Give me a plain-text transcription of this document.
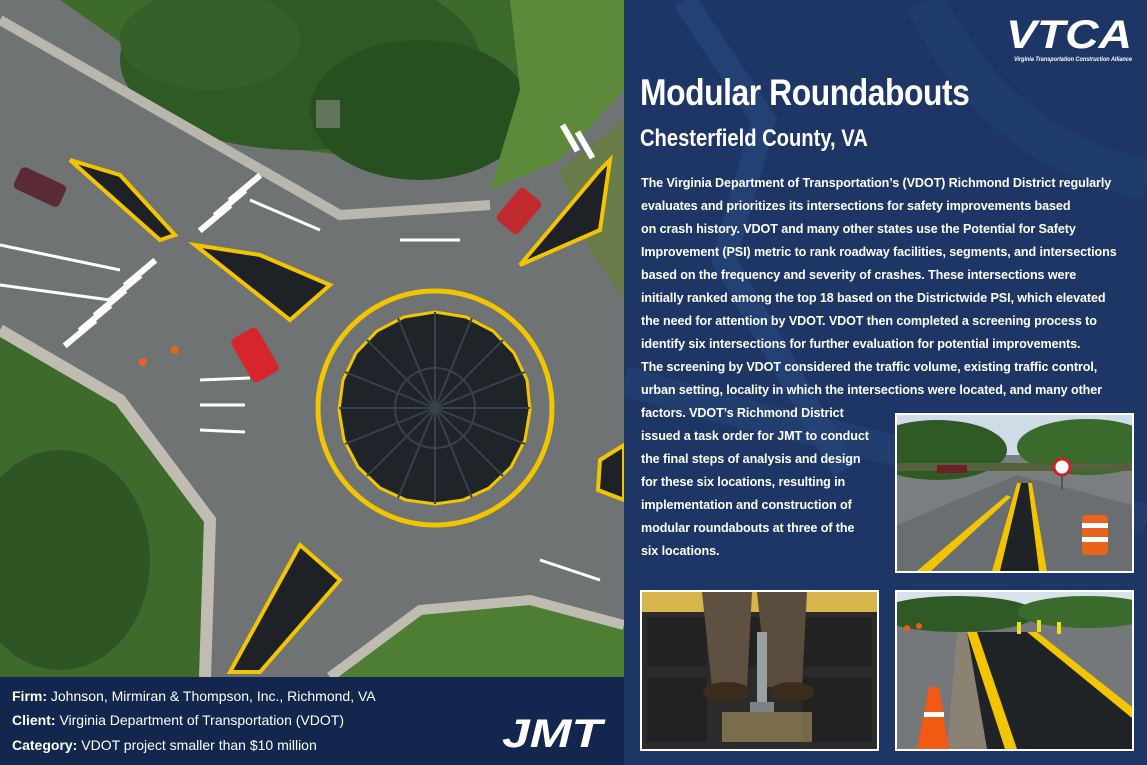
Firm: Johnson, Mirmiran & Thompson, Inc., Richmond, VA
Client: Virginia Department of Transportation (VDOT)
Category: VDOT project smaller than $10 million	JMT
VTCA
Virginia Transportation Construction Alliance
Modular Roundabouts
Chesterfield County, VA
The Virginia Department of Transportation’s (VDOT) Richmond District regularly
evaluates and prioritizes its intersections for safety improvements based
on crash history. VDOT and many other states use the Potential for Safety
Improvement (PSI) metric to rank roadway facilities, segments, and intersections
based on the frequency and severity of crashes. These intersections were
initially ranked among the top 18 based on the Districtwide PSI, which elevated
the need for attention by VDOT. VDOT then completed a screening process to
identify six intersections for further evaluation for potential improvements.
The screening by VDOT considered the traffic volume, existing traffic control,
urban setting, locality in which the intersections were located, and many other
factors. VDOT’s Richmond District
issued a task order for JMT to conduct
the final steps of analysis and design
for these six locations, resulting in
implementation and construction of
modular roundabouts at three of the
six locations.
